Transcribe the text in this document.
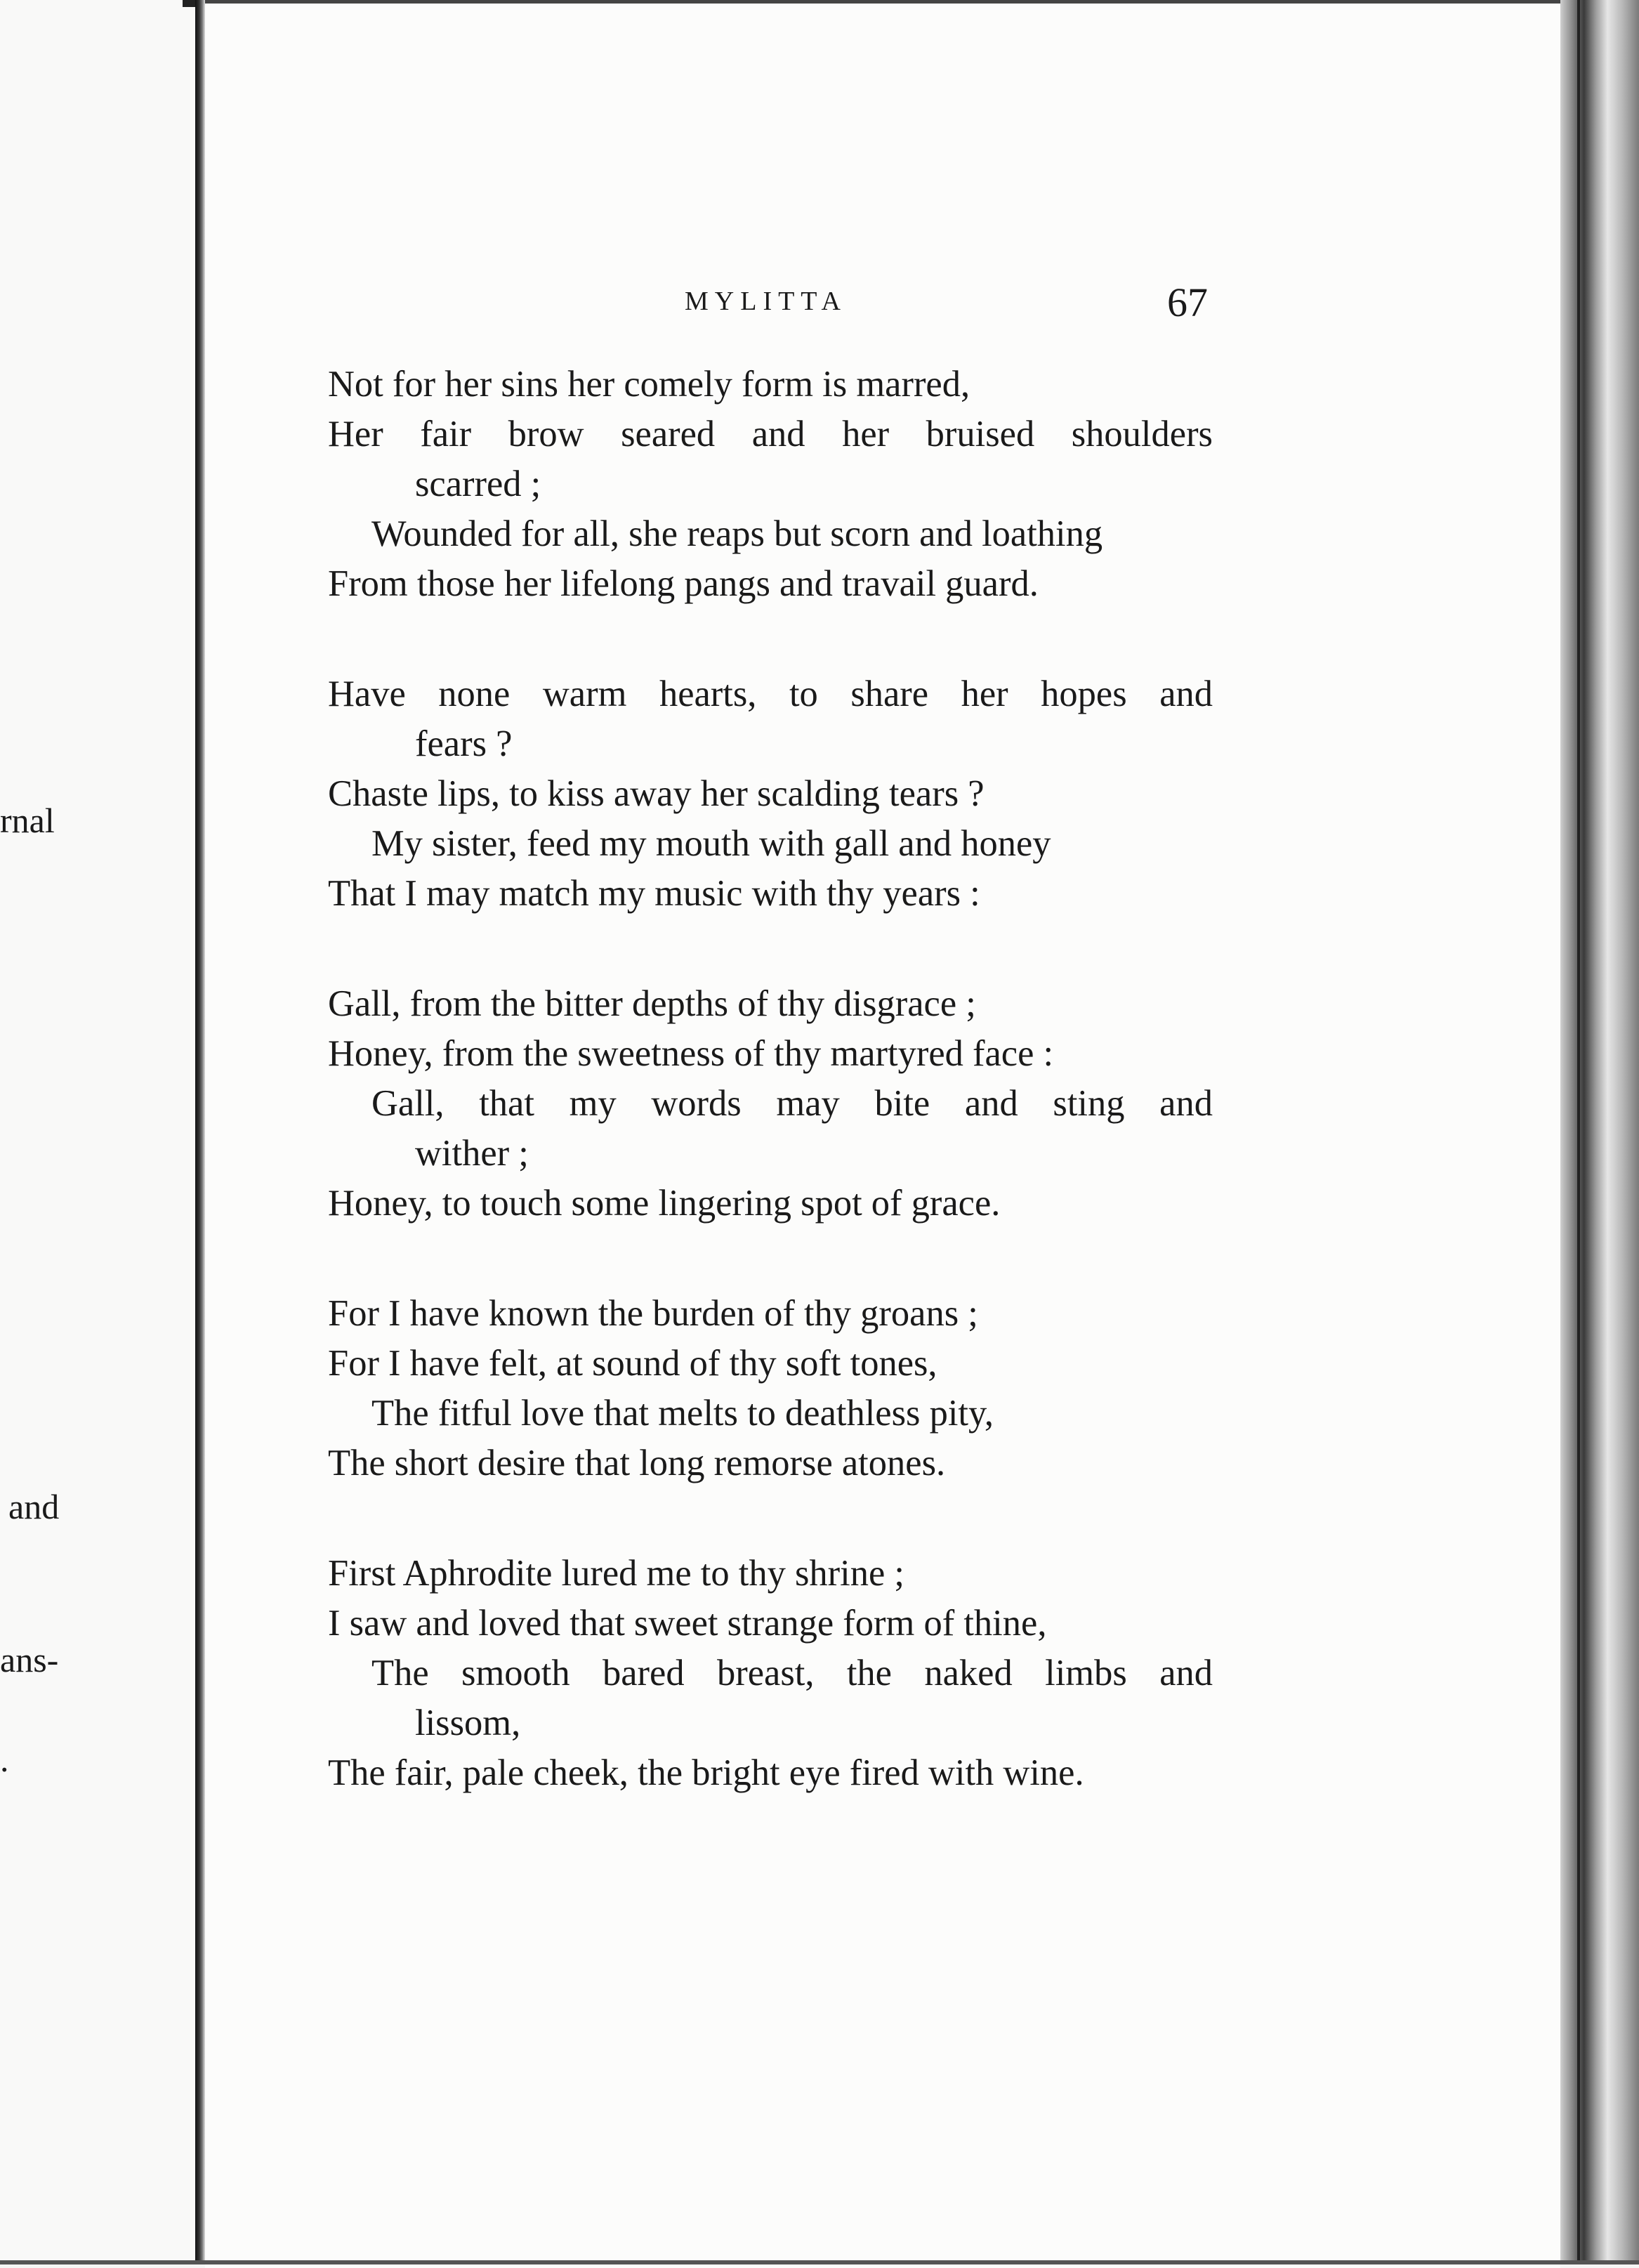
rnal
and
ans-
.
MYLITTA	67
Not for her sins her comely form is marred,
Her fair brow seared and her bruised shoulders
scarred ;
Wounded for all, she reaps but scorn and loathing
From those her lifelong pangs and travail guard.
Have none warm hearts, to share her hopes and
fears ?
Chaste lips, to kiss away her scalding tears ?
My sister, feed my mouth with gall and honey
That I may match my music with thy years :
Gall, from the bitter depths of thy disgrace ;
Honey, from the sweetness of thy martyred face :
Gall, that my words may bite and sting and
wither ;
Honey, to touch some lingering spot of grace.
For I have known the burden of thy groans ;
For I have felt, at sound of thy soft tones,
The fitful love that melts to deathless pity,
The short desire that long remorse atones.
First Aphrodite lured me to thy shrine ;
I saw and loved that sweet strange form of thine,
The smooth bared breast, the naked limbs and
lissom,
The fair, pale cheek, the bright eye fired with wine.
